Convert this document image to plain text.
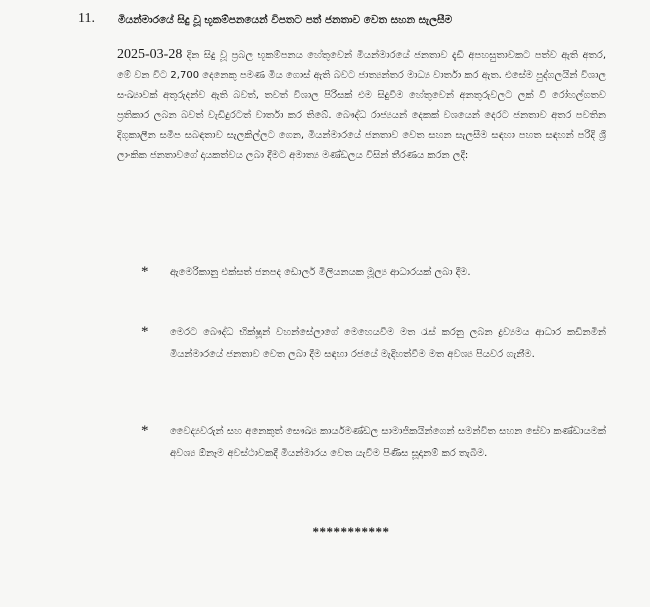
11. මියන්මාරයේ සිදු වූ භූකම්පනයෙන් විපතට පත් ජනතාව වෙත සහන සැලසීම
2025-03-28 දින සිදු වූ ප්‍රබල භූකම්පනය හේතුවෙන් මියන්මාරයේ ජනතාව දැඩි අපහසුතාවකට පත්ව ඇති අතර, මේ වන විට 2,700 දෙනෙකු පමණ මිය ගොස් ඇති බවට ජාත්‍යන්තර මාධ්‍ය වාර්තා කර ඇත. එසේම පුද්ගලයින් විශාල සංඛ්‍යාවක් අතුරුදන්ව ඇති බවත්, තවත් විශාල පිරිසක් එම සිදුවීම හේතුවෙන් අනතුරුවලට ලක් වී රෝහල්ගතව ප්‍රතිකාර ලබන බවත් වැඩිදුරටත් වාර්තා කර තිබේ. බෞද්ධ රාජ්‍යයන් දෙකක් වශයෙන් දෙරට ජනතාව අතර පවතින දිගුකාලීන සමීප සබඳතාව සැලකිල්ලට ගෙන, මියන්මාරයේ ජනතාව වෙත සහන සැලසීම සඳහා පහත සඳහන් පරිදි ශ්‍රී ලාංකික ජනතාවගේ දායකත්වය ලබා දීමට අමාත්‍ය මණ්ඩලය විසින් තීරණය කරන ලදී:
* ඇමෙරිකානු එක්සත් ජනපද ඩොලර් මිලියනයක මූල්‍ය ආධාරයක් ලබා දීම.
* මෙරට බෞද්ධ භික්ෂූන් වහන්සේලාගේ මෙහෙයවීම මත රැස් කරනු ලබන ද්‍රව්‍යමය ආධාර කඩිනමින් මියන්මාරයේ ජනතාව වෙත ලබා දීම සඳහා රජයේ මැදිහත්වීම මත අවශ්‍ය පියවර ගැනීම.
* වෛද්‍යවරුන් සහ අනෙකුත් සෞඛ්‍ය කාර්යමණ්ඩල සාමාජිකයින්ගෙන් සමන්විත සහන සේවා කණ්ඩායමක් අවශ්‍ය ඕනෑම අවස්ථාවකදී මියන්මාරය වෙත යැවීම පිණිස සූදානම් කර තැබීම.
***********
